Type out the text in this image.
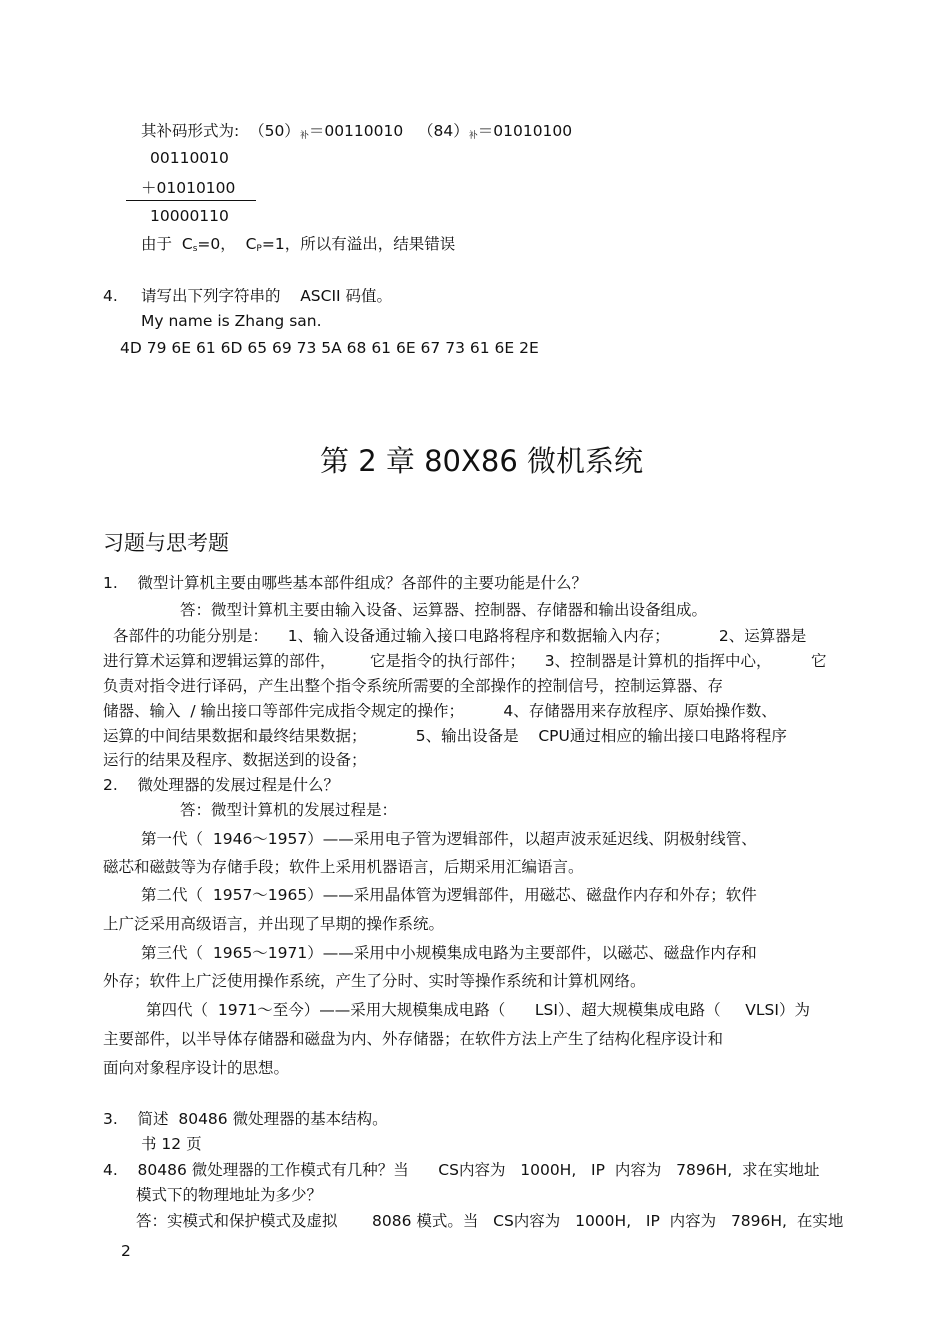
其补码形式为:  $(50)_补=00110010$   $(84)_补=01010100$
00110010
＋01010100
10000110
由于  $C_s=0$，  $C_P=1$，所以有溢出，结果错误
4. 请写出下列字符串的    ASCII 码值。
My name is Zhang san.
4D 79 6E 61 6D 65 69 73 5A 68 61 6E 67 73 61 6E 2E
第 2 章 80X86 微机系统
习题与思考题
1.    微型计算机主要由哪些基本部件组成？各部件的主要功能是什么？
答：微型计算机主要由输入设备、运算器、控制器、存储器和输出设备组成。
各部件的功能分别是：    1、输入设备通过输入接口电路将程序和数据输入内存；          2、运算器是
进行算术运算和逻辑运算的部件，       它是指令的执行部件；    3、控制器是计算机的指挥中心，        它
负责对指令进行译码，产生出整个指令系统所需要的全部操作的控制信号，控制运算器、存
储器、输入  / 输出接口等部件完成指令规定的操作；        4、存储器用来存放程序、原始操作数、
运算的中间结果数据和最终结果数据；          5、输出设备是    CPU通过相应的输出接口电路将程序
运行的结果及程序、数据送到的设备；
2.    微处理器的发展过程是什么？
答：微型计算机的发展过程是：
第一代（  1946～1957）——采用电子管为逻辑部件，以超声波汞延迟线、阴极射线管、
磁芯和磁鼓等为存储手段；软件上采用机器语言，后期采用汇编语言。
第二代（  1957～1965）——采用晶体管为逻辑部件，用磁芯、磁盘作内存和外存；软件
上广泛采用高级语言，并出现了早期的操作系统。
第三代（  1965～1971）——采用中小规模集成电路为主要部件，以磁芯、磁盘作内存和
外存；软件上广泛使用操作系统，产生了分时、实时等操作系统和计算机网络。
第四代（  1971～至今）——采用大规模集成电路（      LSI）、超大规模集成电路（     VLSI）为
主要部件，以半导体存储器和磁盘为内、外存储器；在软件方法上产生了结构化程序设计和
面向对象程序设计的思想。
3.    简述  80486 微处理器的基本结构。
书 12 页
4.    80486 微处理器的工作模式有几种？当      CS内容为   1000H,   IP  内容为   7896H,  求在实地址
模式下的物理地址为多少？
答：实模式和保护模式及虚拟       8086 模式。当   CS内容为   1000H,   IP  内容为   7896H,  在实地
2
